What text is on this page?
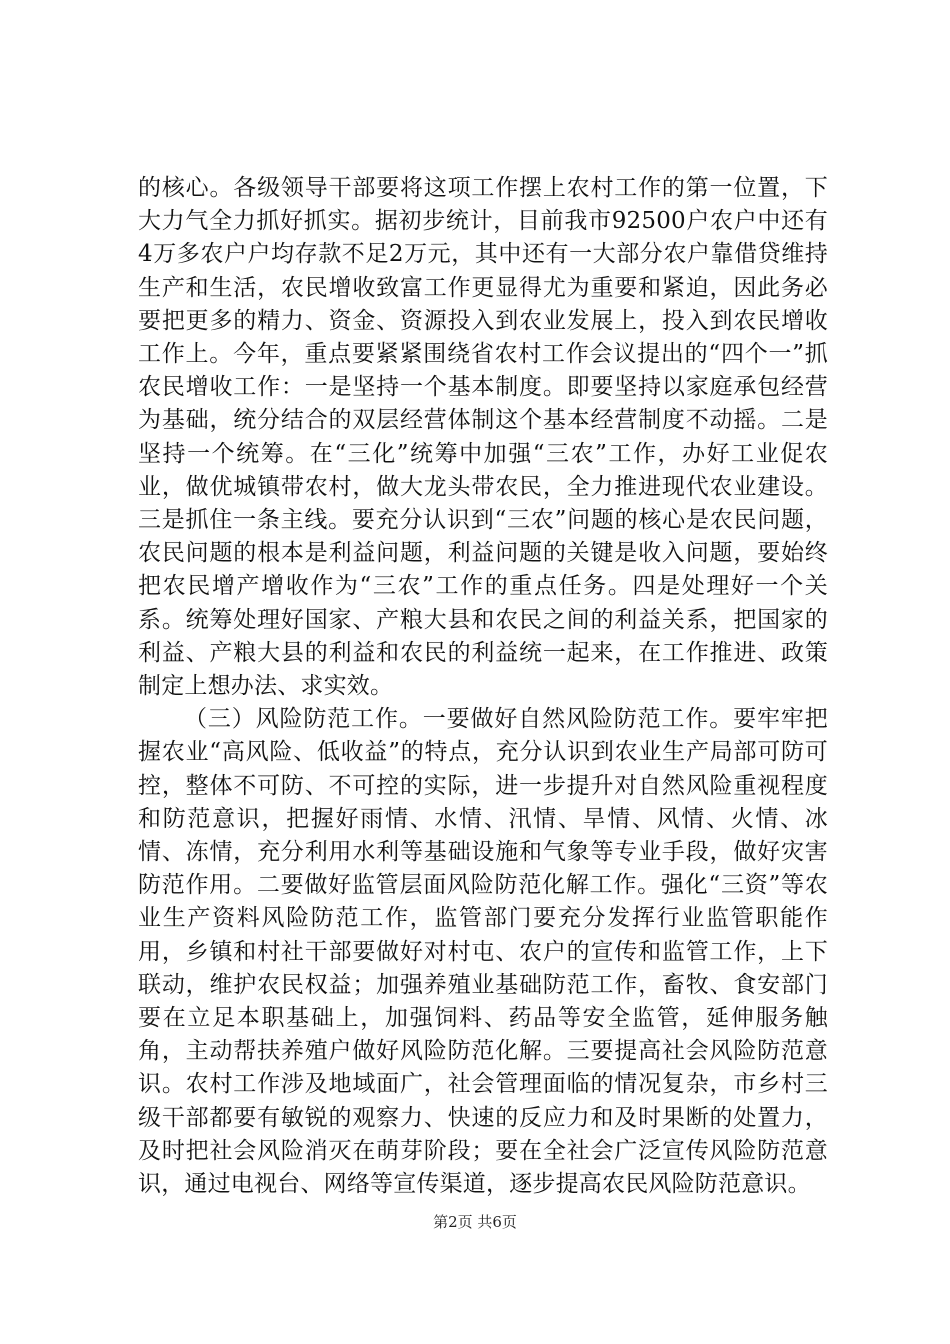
的核心。各级领导干部要将这项工作摆上农村工作的第一位置，下大力气全力抓好抓实。据初步统计，目前我市92500户农户中还有4万多农户户均存款不足2万元，其中还有一大部分农户靠借贷维持生产和生活，农民增收致富工作更显得尤为重要和紧迫，因此务必要把更多的精力、资金、资源投入到农业发展上，投入到农民增收工作上。今年，重点要紧紧围绕省农村工作会议提出的“四个一”抓农民增收工作：一是坚持一个基本制度。即要坚持以家庭承包经营为基础，统分结合的双层经营体制这个基本经营制度不动摇。二是坚持一个统筹。在“三化”统筹中加强“三农”工作，办好工业促农业，做优城镇带农村，做大龙头带农民，全力推进现代农业建设。三是抓住一条主线。要充分认识到“三农”问题的核心是农民问题，农民问题的根本是利益问题，利益问题的关键是收入问题，要始终把农民增产增收作为“三农”工作的重点任务。四是处理好一个关系。统筹处理好国家、产粮大县和农民之间的利益关系，把国家的利益、产粮大县的利益和农民的利益统一起来，在工作推进、政策制定上想办法、求实效。

（三）风险防范工作。一要做好自然风险防范工作。要牢牢把握农业“高风险、低收益”的特点，充分认识到农业生产局部可防可控，整体不可防、不可控的实际，进一步提升对自然风险重视程度和防范意识，把握好雨情、水情、汛情、旱情、风情、火情、冰情、冻情，充分利用水利等基础设施和气象等专业手段，做好灾害防范作用。二要做好监管层面风险防范化解工作。强化“三资”等农业生产资料风险防范工作，监管部门要充分发挥行业监管职能作用，乡镇和村社干部要做好对村屯、农户的宣传和监管工作，上下联动，维护农民权益；加强养殖业基础防范工作，畜牧、食安部门要在立足本职基础上，加强饲料、药品等安全监管，延伸服务触角，主动帮扶养殖户做好风险防范化解。三要提高社会风险防范意识。农村工作涉及地域面广，社会管理面临的情况复杂，市乡村三级干部都要有敏锐的观察力、快速的反应力和及时果断的处置力，及时把社会风险消灭在萌芽阶段；要在全社会广泛宣传风险防范意识，通过电视台、网络等宣传渠道，逐步提高农民风险防范意识。

第2页 共6页
